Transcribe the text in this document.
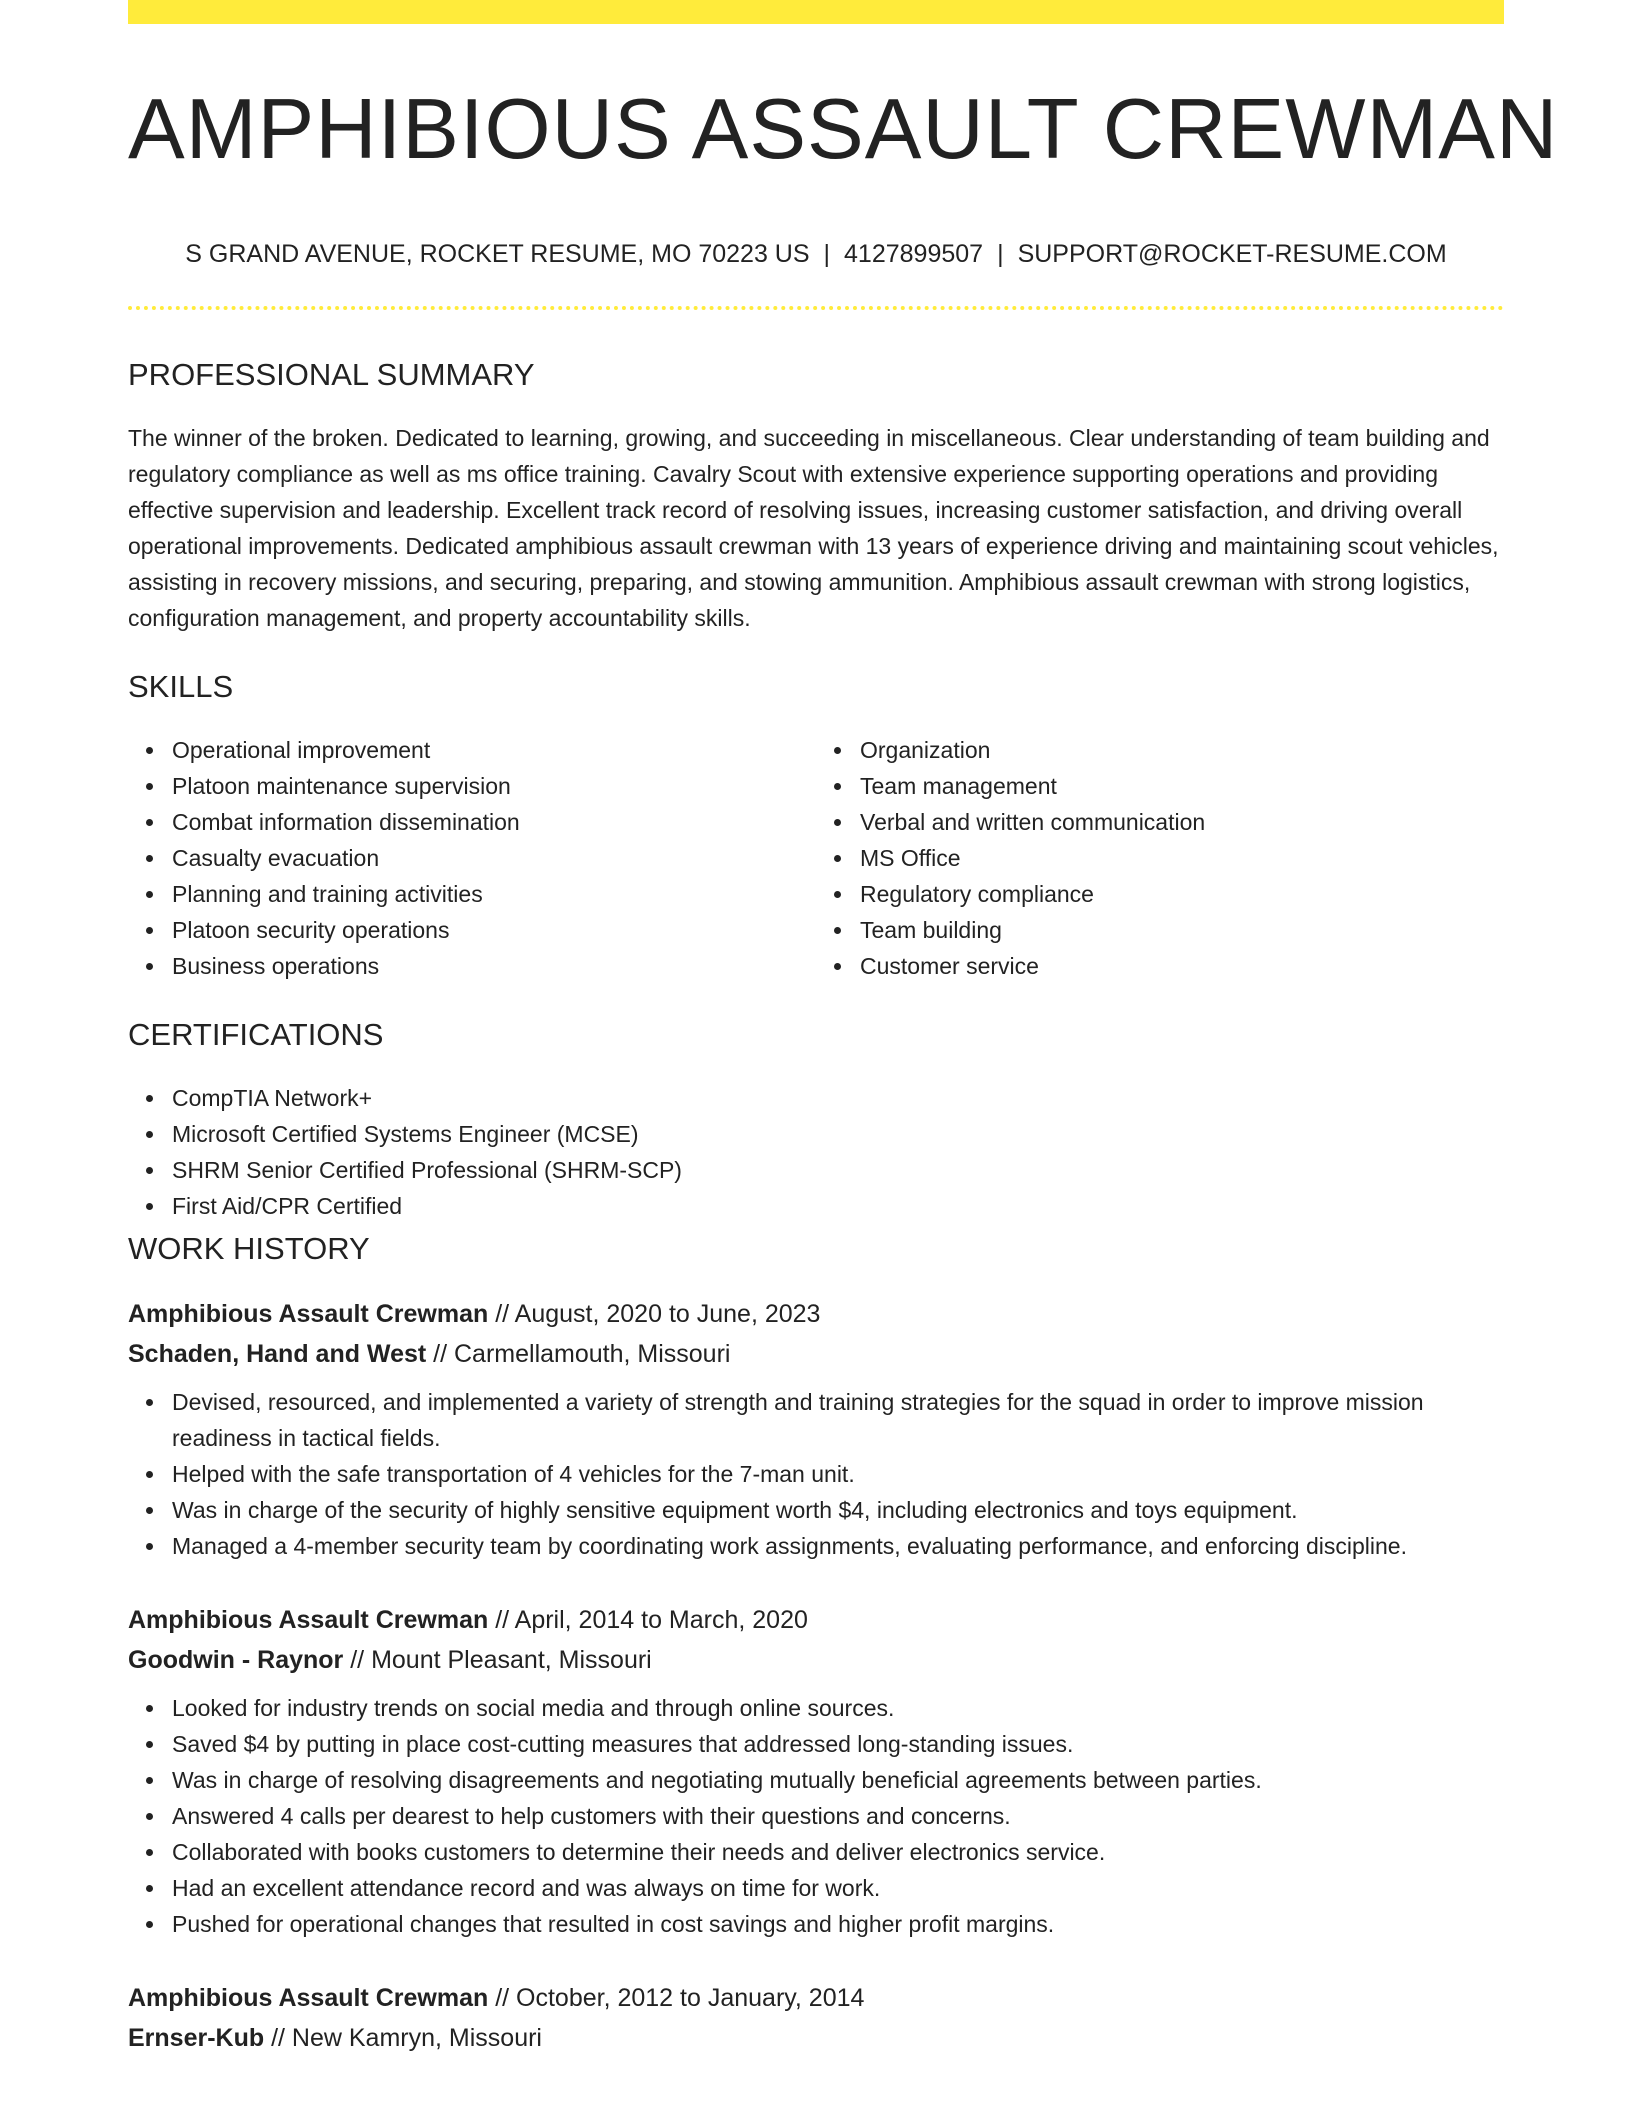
AMPHIBIOUS ASSAULT CREWMAN
S GRAND AVENUE, ROCKET RESUME, MO 70223 US | 4127899507 | SUPPORT@ROCKET-RESUME.COM
PROFESSIONAL SUMMARY

The winner of the broken. Dedicated to learning, growing, and succeeding in miscellaneous. Clear understanding of team building and regulatory compliance as well as ms office training. Cavalry Scout with extensive experience supporting operations and providing effective supervision and leadership. Excellent track record of resolving issues, increasing customer satisfaction, and driving overall operational improvements. Dedicated amphibious assault crewman with 13 years of experience driving and maintaining scout vehicles, assisting in recovery missions, and securing, preparing, and stowing ammunition. Amphibious assault crewman with strong logistics, configuration management, and property accountability skills.

SKILLS
Operational improvement
Platoon maintenance supervision
Combat information dissemination
Casualty evacuation
Planning and training activities
Platoon security operations
Business operations
Organization
Team management
Verbal and written communication
MS Office
Regulatory compliance
Team building
Customer service
CERTIFICATIONS
CompTIA Network+
Microsoft Certified Systems Engineer (MCSE)
SHRM Senior Certified Professional (SHRM-SCP)
First Aid/CPR Certified
WORK HISTORY
Amphibious Assault Crewman // August, 2020 to June, 2023
Schaden, Hand and West // Carmellamouth, Missouri
Devised, resourced, and implemented a variety of strength and training strategies for the squad in order to improve mission readiness in tactical fields.
Helped with the safe transportation of 4 vehicles for the 7-man unit.
Was in charge of the security of highly sensitive equipment worth $4, including electronics and toys equipment.
Managed a 4-member security team by coordinating work assignments, evaluating performance, and enforcing discipline.
Amphibious Assault Crewman // April, 2014 to March, 2020
Goodwin - Raynor // Mount Pleasant, Missouri
Looked for industry trends on social media and through online sources.
Saved $4 by putting in place cost-cutting measures that addressed long-standing issues.
Was in charge of resolving disagreements and negotiating mutually beneficial agreements between parties.
Answered 4 calls per dearest to help customers with their questions and concerns.
Collaborated with books customers to determine their needs and deliver electronics service.
Had an excellent attendance record and was always on time for work.
Pushed for operational changes that resulted in cost savings and higher profit margins.
Amphibious Assault Crewman // October, 2012 to January, 2014
Ernser-Kub // New Kamryn, Missouri
